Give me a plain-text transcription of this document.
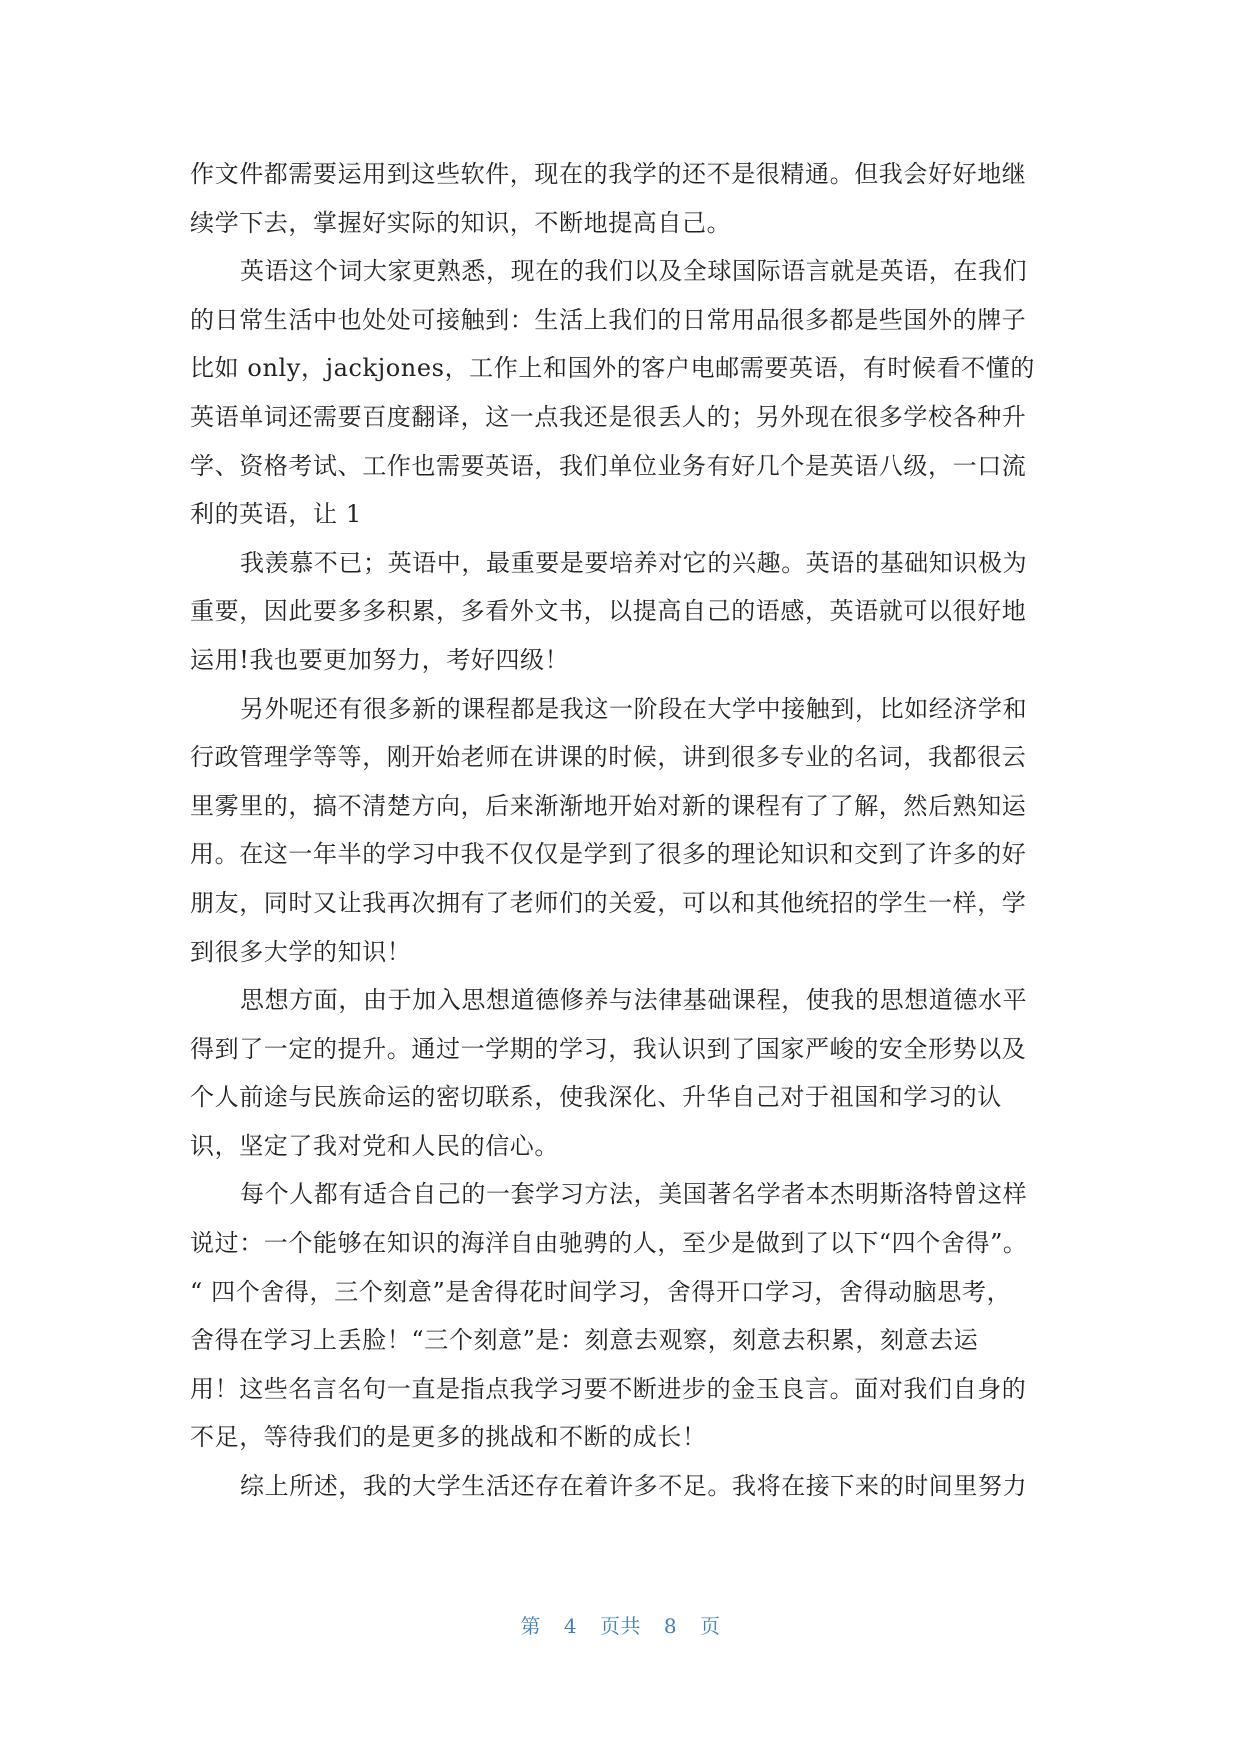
作文件都需要运用到这些软件，现在的我学的还不是很精通。但我会好好地继
续学下去，掌握好实际的知识，不断地提高自己。
英语这个词大家更熟悉，现在的我们以及全球国际语言就是英语，在我们
的日常生活中也处处可接触到：生活上我们的日常用品很多都是些国外的牌子
比如 only，jackjones，工作上和国外的客户电邮需要英语，有时候看不懂的
英语单词还需要百度翻译，这一点我还是很丢人的；另外现在很多学校各种升
学、资格考试、工作也需要英语，我们单位业务有好几个是英语八级，一口流
利的英语，让 1
我羡慕不已；英语中，最重要是要培养对它的兴趣。英语的基础知识极为
重要，因此要多多积累，多看外文书，以提高自己的语感，英语就可以很好地
运用!我也要更加努力，考好四级！
另外呢还有很多新的课程都是我这一阶段在大学中接触到，比如经济学和
行政管理学等等，刚开始老师在讲课的时候，讲到很多专业的名词，我都很云
里雾里的，搞不清楚方向，后来渐渐地开始对新的课程有了了解，然后熟知运
用。在这一年半的学习中我不仅仅是学到了很多的理论知识和交到了许多的好
朋友，同时又让我再次拥有了老师们的关爱，可以和其他统招的学生一样，学
到很多大学的知识！
思想方面，由于加入思想道德修养与法律基础课程，使我的思想道德水平
得到了一定的提升。通过一学期的学习，我认识到了国家严峻的安全形势以及
个人前途与民族命运的密切联系，使我深化、升华自己对于祖国和学习的认
识，坚定了我对党和人民的信心。
每个人都有适合自己的一套学习方法，美国著名学者本杰明斯洛特曾这样
说过：一个能够在知识的海洋自由驰骋的人，至少是做到了以下“四个舍得”。
“ 四个舍得，三个刻意”是舍得花时间学习，舍得开口学习，舍得动脑思考，
舍得在学习上丢脸！“三个刻意”是：刻意去观察，刻意去积累，刻意去运
用！这些名言名句一直是指点我学习要不断进步的金玉良言。面对我们自身的
不足，等待我们的是更多的挑战和不断的成长！
综上所述，我的大学生活还存在着许多不足。我将在接下来的时间里努力
第 4 页共 8 页
